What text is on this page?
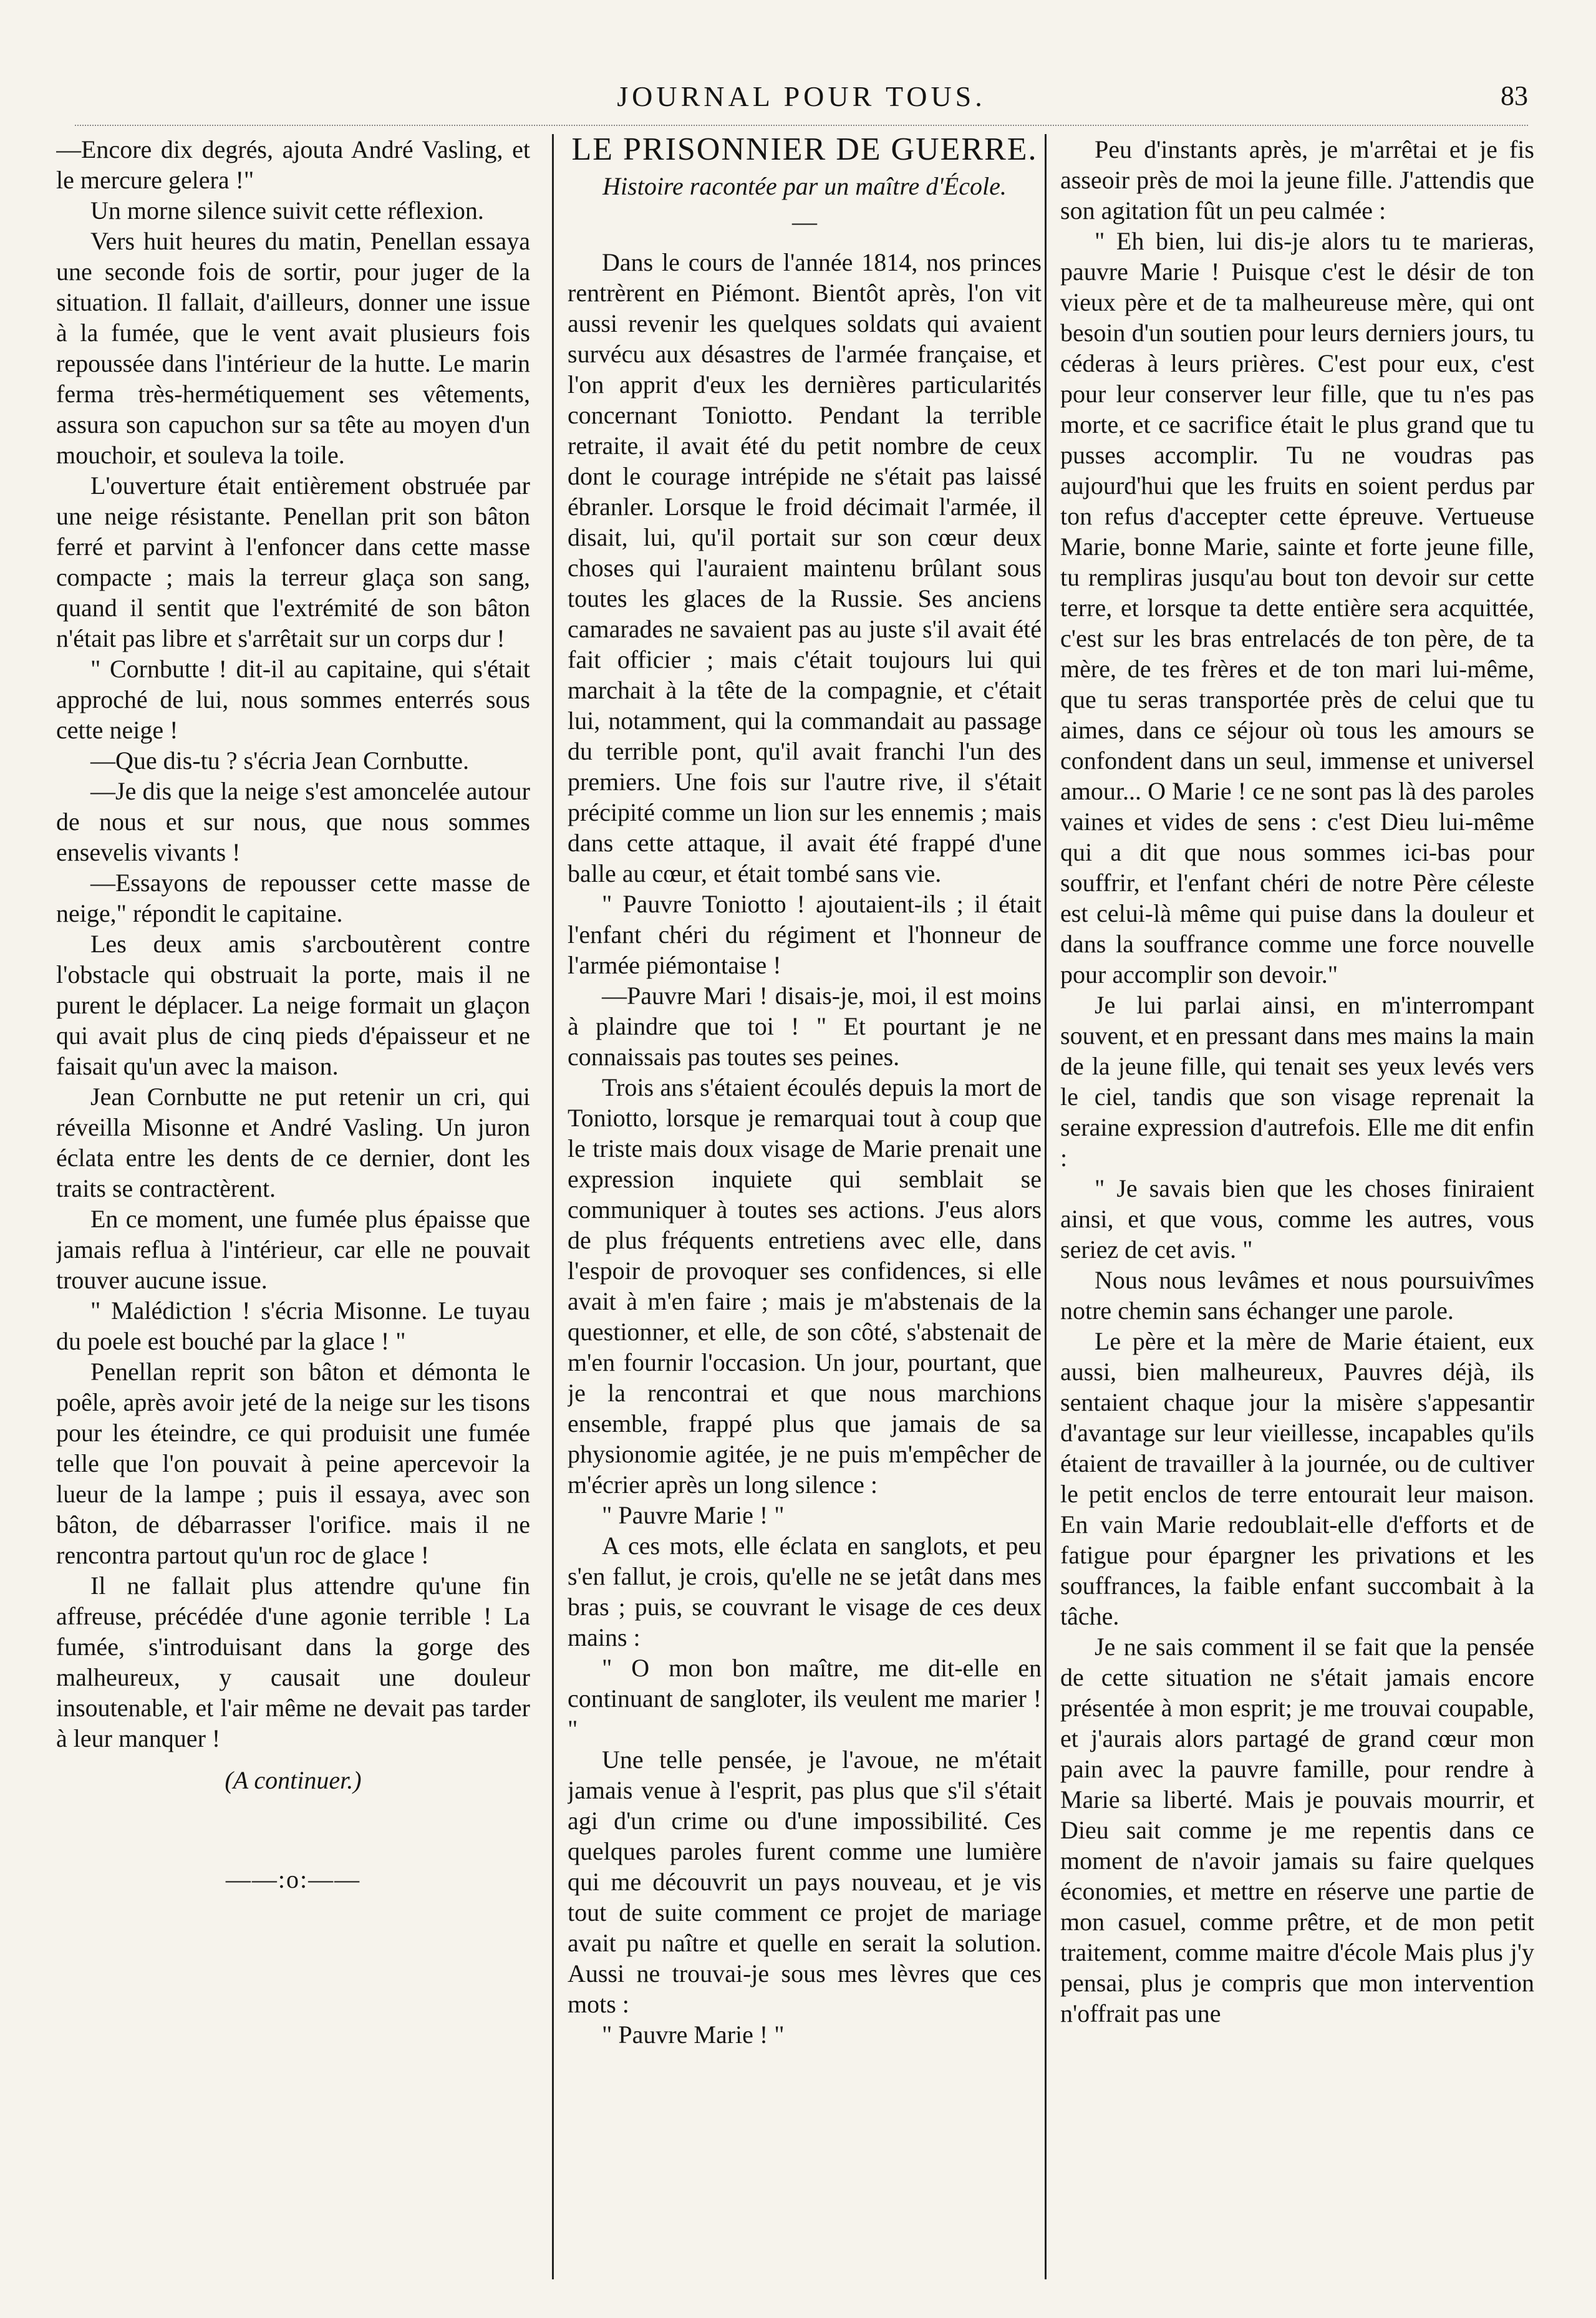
JOURNAL POUR TOUS.	83

—Encore dix degrés, ajouta André Vasling, et le mercure gelera !"

Un morne silence suivit cette réflexion.

Vers huit heures du matin, Penellan essaya une seconde fois de sortir, pour juger de la situation. Il fallait, d'ailleurs, donner une issue à la fumée, que le vent avait plusieurs fois repoussée dans l'intérieur de la hutte. Le marin ferma très-hermétiquement ses vêtements, assura son capuchon sur sa tête au moyen d'un mouchoir, et souleva la toile.

L'ouverture était entièrement obstruée par une neige résistante. Penellan prit son bâton ferré et parvint à l'enfoncer dans cette masse compacte ; mais la terreur glaça son sang, quand il sentit que l'extrémité de son bâton n'était pas libre et s'arrêtait sur un corps dur !

" Cornbutte ! dit-il au capitaine, qui s'était approché de lui, nous sommes enterrés sous cette neige !

—Que dis-tu ? s'écria Jean Cornbutte.

—Je dis que la neige s'est amoncelée autour de nous et sur nous, que nous sommes ensevelis vivants !

—Essayons de repousser cette masse de neige," répondit le capitaine.

Les deux amis s'arcboutèrent contre l'obstacle qui obstruait la porte, mais il ne purent le déplacer. La neige formait un glaçon qui avait plus de cinq pieds d'épaisseur et ne faisait qu'un avec la maison.

Jean Cornbutte ne put retenir un cri, qui réveilla Misonne et André Vasling. Un juron éclata entre les dents de ce dernier, dont les traits se contractèrent.

En ce moment, une fumée plus épaisse que jamais reflua à l'intérieur, car elle ne pouvait trouver aucune issue.

" Malédiction ! s'écria Misonne. Le tuyau du poele est bouché par la glace ! "

Penellan reprit son bâton et démonta le poêle, après avoir jeté de la neige sur les tisons pour les éteindre, ce qui produisit une fumée telle que l'on pouvait à peine apercevoir la lueur de la lampe ; puis il essaya, avec son bâton, de débarrasser l'orifice. mais il ne rencontra partout qu'un roc de glace !

Il ne fallait plus attendre qu'une fin affreuse, précédée d'une agonie terrible ! La fumée, s'introduisant dans la gorge des malheureux, y causait une douleur insoutenable, et l'air même ne devait pas tarder à leur manquer !

(A continuer.)
——:o:——
LE PRISONNIER DE GUERRE.
Histoire racontée par un maître d'École.
—

Dans le cours de l'année 1814, nos princes rentrèrent en Piémont. Bientôt après, l'on vit aussi revenir les quelques soldats qui avaient survécu aux désastres de l'armée française, et l'on apprit d'eux les dernières particularités concernant Toniotto. Pendant la terrible retraite, il avait été du petit nombre de ceux dont le courage intrépide ne s'était pas laissé ébranler. Lorsque le froid décimait l'armée, il disait, lui, qu'il portait sur son cœur deux choses qui l'auraient maintenu brûlant sous toutes les glaces de la Russie. Ses anciens camarades ne savaient pas au juste s'il avait été fait officier ; mais c'était toujours lui qui marchait à la tête de la compagnie, et c'était lui, notamment, qui la commandait au passage du terrible pont, qu'il avait franchi l'un des premiers. Une fois sur l'autre rive, il s'était précipité comme un lion sur les ennemis ; mais dans cette attaque, il avait été frappé d'une balle au cœur, et était tombé sans vie.

" Pauvre Toniotto ! ajoutaient-ils ; il était l'enfant chéri du régiment et l'honneur de l'armée piémontaise !

—Pauvre Mari ! disais-je, moi, il est moins à plaindre que toi ! " Et pourtant je ne connaissais pas toutes ses peines.

Trois ans s'étaient écoulés depuis la mort de Toniotto, lorsque je remarquai tout à coup que le triste mais doux visage de Marie prenait une expression inquiete qui semblait se communiquer à toutes ses actions. J'eus alors de plus fréquents entretiens avec elle, dans l'espoir de provoquer ses confidences, si elle avait à m'en faire ; mais je m'abstenais de la questionner, et elle, de son côté, s'abstenait de m'en fournir l'occasion. Un jour, pourtant, que je la rencontrai et que nous marchions ensemble, frappé plus que jamais de sa physionomie agitée, je ne puis m'empêcher de m'écrier après un long silence :

" Pauvre Marie ! "

A ces mots, elle éclata en sanglots, et peu s'en fallut, je crois, qu'elle ne se jetât dans mes bras ; puis, se couvrant le visage de ces deux mains :

" O mon bon maître, me dit-elle en continuant de sangloter, ils veulent me marier ! "

Une telle pensée, je l'avoue, ne m'était jamais venue à l'esprit, pas plus que s'il s'était agi d'un crime ou d'une impossibilité. Ces quelques paroles furent comme une lumière qui me découvrit un pays nouveau, et je vis tout de suite comment ce projet de mariage avait pu naître et quelle en serait la solution. Aussi ne trouvai-je sous mes lèvres que ces mots :

" Pauvre Marie ! "

Peu d'instants après, je m'arrêtai et je fis asseoir près de moi la jeune fille. J'attendis que son agitation fût un peu calmée :

" Eh bien, lui dis-je alors tu te marieras, pauvre Marie ! Puisque c'est le désir de ton vieux père et de ta malheureuse mère, qui ont besoin d'un soutien pour leurs derniers jours, tu céderas à leurs prières. C'est pour eux, c'est pour leur conserver leur fille, que tu n'es pas morte, et ce sacrifice était le plus grand que tu pusses accomplir. Tu ne voudras pas aujourd'hui que les fruits en soient perdus par ton refus d'accepter cette épreuve. Vertueuse Marie, bonne Marie, sainte et forte jeune fille, tu rempliras jusqu'au bout ton devoir sur cette terre, et lorsque ta dette entière sera acquittée, c'est sur les bras entrelacés de ton père, de ta mère, de tes frères et de ton mari lui-même, que tu seras transportée près de celui que tu aimes, dans ce séjour où tous les amours se confondent dans un seul, immense et universel amour... O Marie ! ce ne sont pas là des paroles vaines et vides de sens : c'est Dieu lui-même qui a dit que nous sommes ici-bas pour souffrir, et l'enfant chéri de notre Père céleste est celui-là même qui puise dans la douleur et dans la souffrance comme une force nouvelle pour accomplir son devoir."

Je lui parlai ainsi, en m'interrompant souvent, et en pressant dans mes mains la main de la jeune fille, qui tenait ses yeux levés vers le ciel, tandis que son visage reprenait la seraine expression d'autrefois. Elle me dit enfin :

" Je savais bien que les choses finiraient ainsi, et que vous, comme les autres, vous seriez de cet avis. "

Nous nous levâmes et nous poursuivîmes notre chemin sans échanger une parole.

Le père et la mère de Marie étaient, eux aussi, bien malheureux, Pauvres déjà, ils sentaient chaque jour la misère s'appesantir d'avantage sur leur vieillesse, incapables qu'ils étaient de travailler à la journée, ou de cultiver le petit enclos de terre entourait leur maison. En vain Marie redoublait-elle d'efforts et de fatigue pour épargner les privations et les souffrances, la faible enfant succombait à la tâche.

Je ne sais comment il se fait que la pensée de cette situation ne s'était jamais encore présentée à mon esprit; je me trouvai coupable, et j'aurais alors partagé de grand cœur mon pain avec la pauvre famille, pour rendre à Marie sa liberté. Mais je pouvais mourrir, et Dieu sait comme je me repentis dans ce moment de n'avoir jamais su faire quelques économies, et mettre en réserve une partie de mon casuel, comme prêtre, et de mon petit traitement, comme maitre d'école Mais plus j'y pensai, plus je compris que mon intervention n'offrait pas une
